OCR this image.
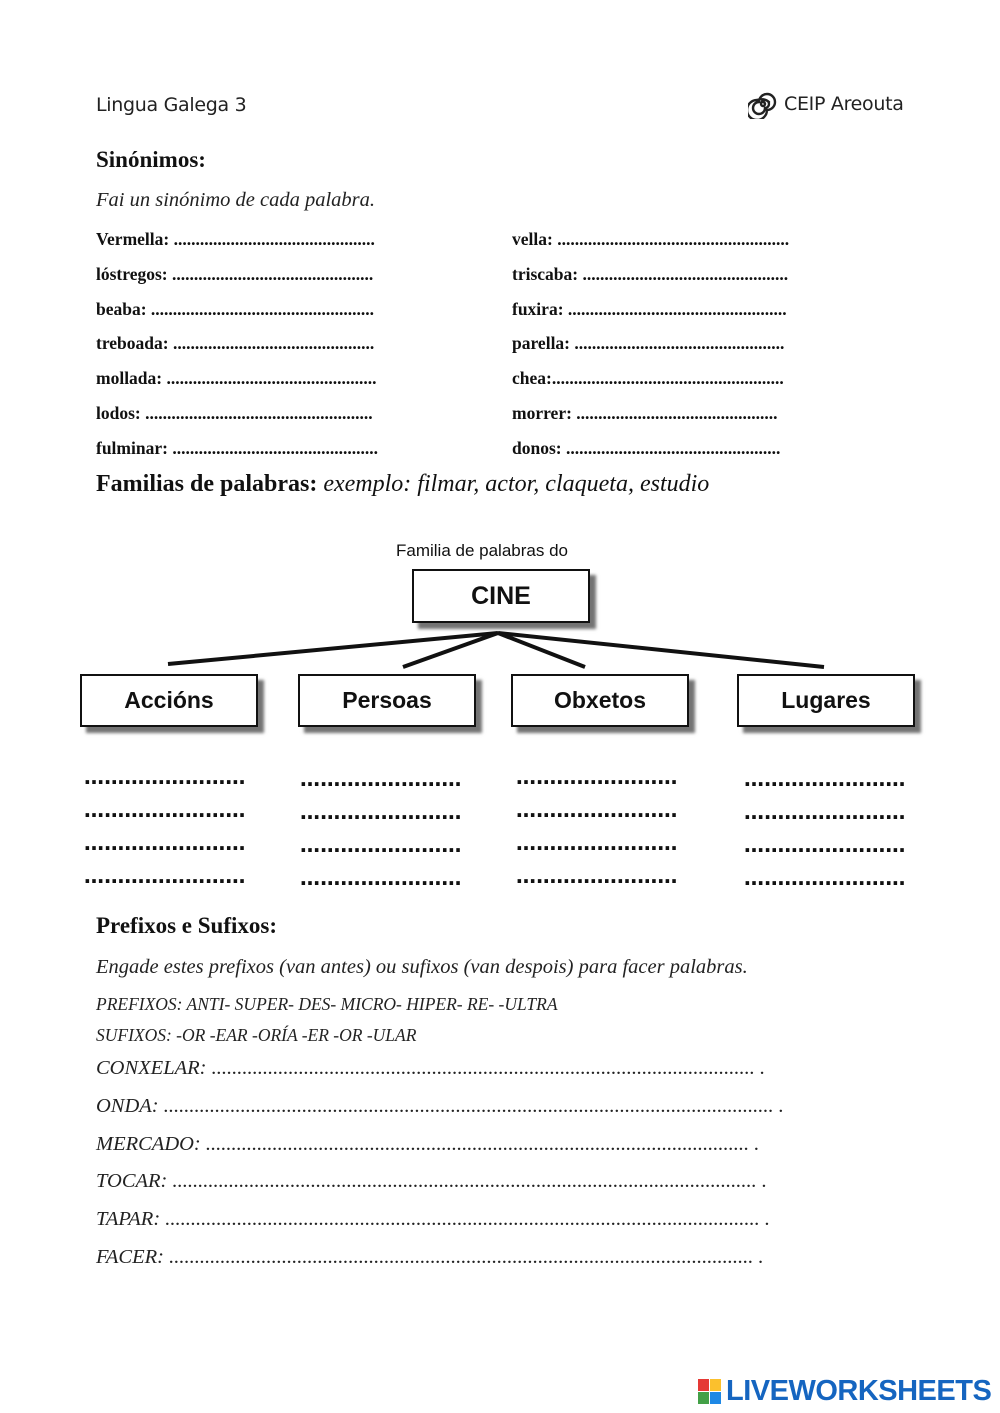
Lingua Galega 3	CEIP Areouta
Sinónimos:
Fai un sinónimo de cada palabra.
Vermella: ..............................................
lóstregos: ..............................................
beaba: ...................................................
treboada: ..............................................
mollada: ................................................
lodos: ....................................................
fulminar: ...............................................
vella: .....................................................
triscaba: ...............................................
fuxira: ..................................................
parella: ................................................
chea:.....................................................
morrer: ..............................................
donos: .................................................
Familias de palabras: exemplo: filmar, actor, claqueta, estudio
Familia de palabras do
CINE
Accións	Persoas	Obxetos	Lugares
……………………
……………………
……………………
……………………
……………………
……………………
……………………
……………………
……………………
……………………
……………………
……………………
……………………
……………………
……………………
……………………
Prefixos e Sufixos:
Engade estes prefixos (van antes) ou sufixos (van despois) para facer palabras.
PREFIXOS: ANTI- SUPER- DES- MICRO- HIPER- RE- -ULTRA
SUFIXOS: -OR -EAR -ORÍA -ER -OR -ULAR
CONXELAR: .......................................................................................................... .
ONDA: ....................................................................................................................... .
MERCADO: .......................................................................................................... .
TOCAR: .................................................................................................................. .
TAPAR: .................................................................................................................... .
FACER: .................................................................................................................. .
LIVEWORKSHEETS
